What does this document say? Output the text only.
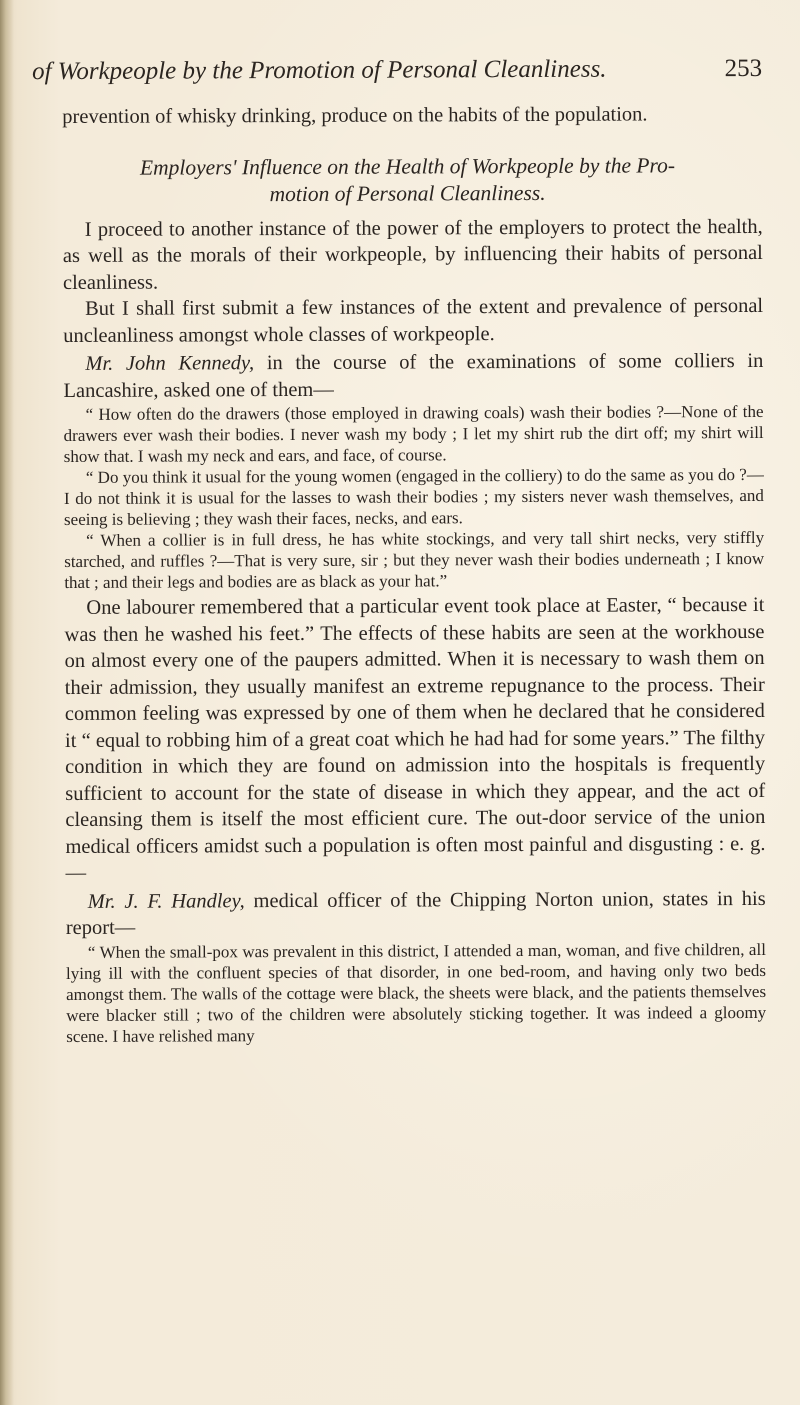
of Workpeople by the Promotion of Personal Cleanliness.	253

prevention of whisky drinking, produce on the habits of the population.

Employers' Influence on the Health of Workpeople by the Pro-
motion of Personal Cleanliness.

I proceed to another instance of the power of the employers to protect the health, as well as the morals of their workpeople, by influencing their habits of personal cleanliness.

But I shall first submit a few instances of the extent and prevalence of personal uncleanliness amongst whole classes of workpeople.

Mr. John Kennedy, in the course of the examinations of some colliers in Lancashire, asked one of them—

“ How often do the drawers (those employed in drawing coals) wash their bodies ?—None of the drawers ever wash their bodies. I never wash my body ; I let my shirt rub the dirt off; my shirt will show that. I wash my neck and ears, and face, of course.

“ Do you think it usual for the young women (engaged in the colliery) to do the same as you do ?—I do not think it is usual for the lasses to wash their bodies ; my sisters never wash themselves, and seeing is believing ; they wash their faces, necks, and ears.

“ When a collier is in full dress, he has white stockings, and very tall shirt necks, very stiffly starched, and ruffles ?—That is very sure, sir ; but they never wash their bodies underneath ; I know that ; and their legs and bodies are as black as your hat.”

One labourer remembered that a particular event took place at Easter, “ because it was then he washed his feet.” The effects of these habits are seen at the workhouse on almost every one of the paupers admitted. When it is necessary to wash them on their admission, they usually manifest an extreme repugnance to the process. Their common feeling was expressed by one of them when he declared that he considered it “ equal to robbing him of a great coat which he had had for some years.” The filthy condition in which they are found on admission into the hospitals is frequently sufficient to account for the state of disease in which they appear, and the act of cleansing them is itself the most efficient cure. The out-door service of the union medical officers amidst such a population is often most painful and disgusting : e. g.—

Mr. J. F. Handley, medical officer of the Chipping Norton union, states in his report—

“ When the small-pox was prevalent in this district, I attended a man, woman, and five children, all lying ill with the confluent species of that disorder, in one bed-room, and having only two beds amongst them. The walls of the cottage were black, the sheets were black, and the patients themselves were blacker still ; two of the children were absolutely sticking together. It was indeed a gloomy scene. I have relished many
